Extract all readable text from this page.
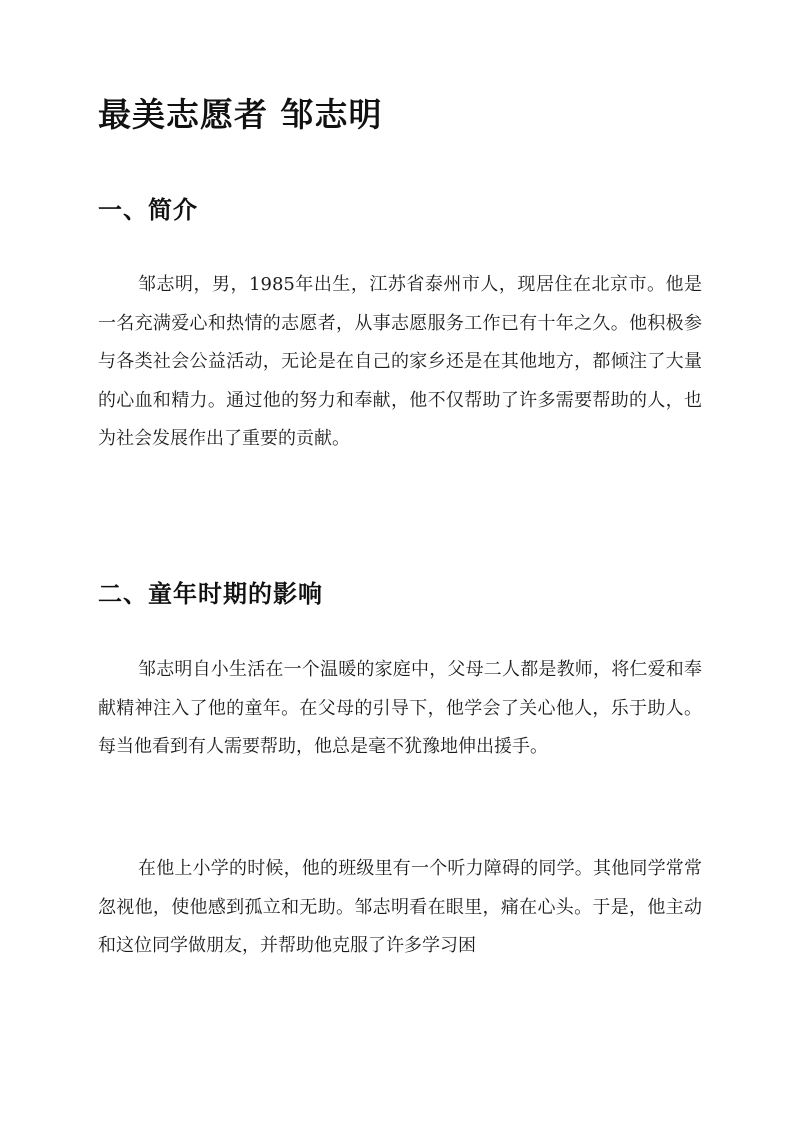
最美志愿者 邹志明
一、简介

邹志明，男，1985年出生，江苏省泰州市人，现居住在北京市。他是一名充满爱心和热情的志愿者，从事志愿服务工作已有十年之久。他积极参与各类社会公益活动，无论是在自己的家乡还是在其他地方，都倾注了大量的心血和精力。通过他的努力和奉献，他不仅帮助了许多需要帮助的人，也为社会发展作出了重要的贡献。

二、童年时期的影响

邹志明自小生活在一个温暖的家庭中，父母二人都是教师，将仁爱和奉献精神注入了他的童年。在父母的引导下，他学会了关心他人，乐于助人。每当他看到有人需要帮助，他总是毫不犹豫地伸出援手。

在他上小学的时候，他的班级里有一个听力障碍的同学。其他同学常常忽视他，使他感到孤立和无助。邹志明看在眼里，痛在心头。于是，他主动和这位同学做朋友，并帮助他克服了许多学习困
